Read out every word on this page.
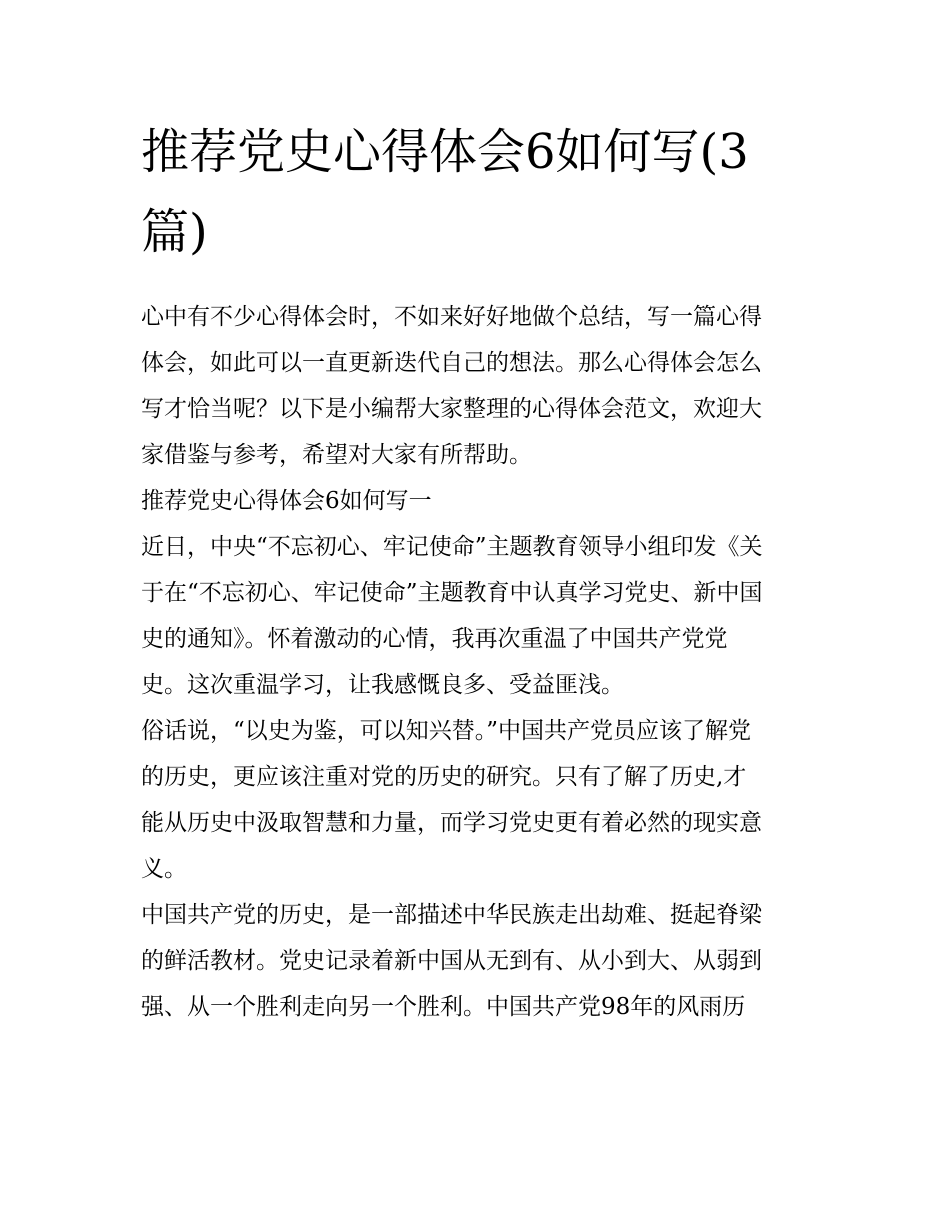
推荐党史心得体会6如何写(3
篇)

心中有不少心得体会时，不如来好好地做个总结，写一篇心得
体会，如此可以一直更新迭代自己的想法。那么心得体会怎么
写才恰当呢？以下是小编帮大家整理的心得体会范文，欢迎大
家借鉴与参考，希望对大家有所帮助。

推荐党史心得体会6如何写一

近日，中央“不忘初心、牢记使命”主题教育领导小组印发《关
于在“不忘初心、牢记使命”主题教育中认真学习党史、新中国
史的通知》。怀着激动的心情，我再次重温了中国共产党党
史。这次重温学习，让我感慨良多、受益匪浅。

俗话说，“以史为鉴，可以知兴替。”中国共产党员应该了解党
的历史，更应该注重对党的历史的研究。只有了解了历史,才
能从历史中汲取智慧和力量，而学习党史更有着必然的现实意
义。

中国共产党的历史，是一部描述中华民族走出劫难、挺起脊梁
的鲜活教材。党史记录着新中国从无到有、从小到大、从弱到
强、从一个胜利走向另一个胜利。中国共产党98年的风雨历
